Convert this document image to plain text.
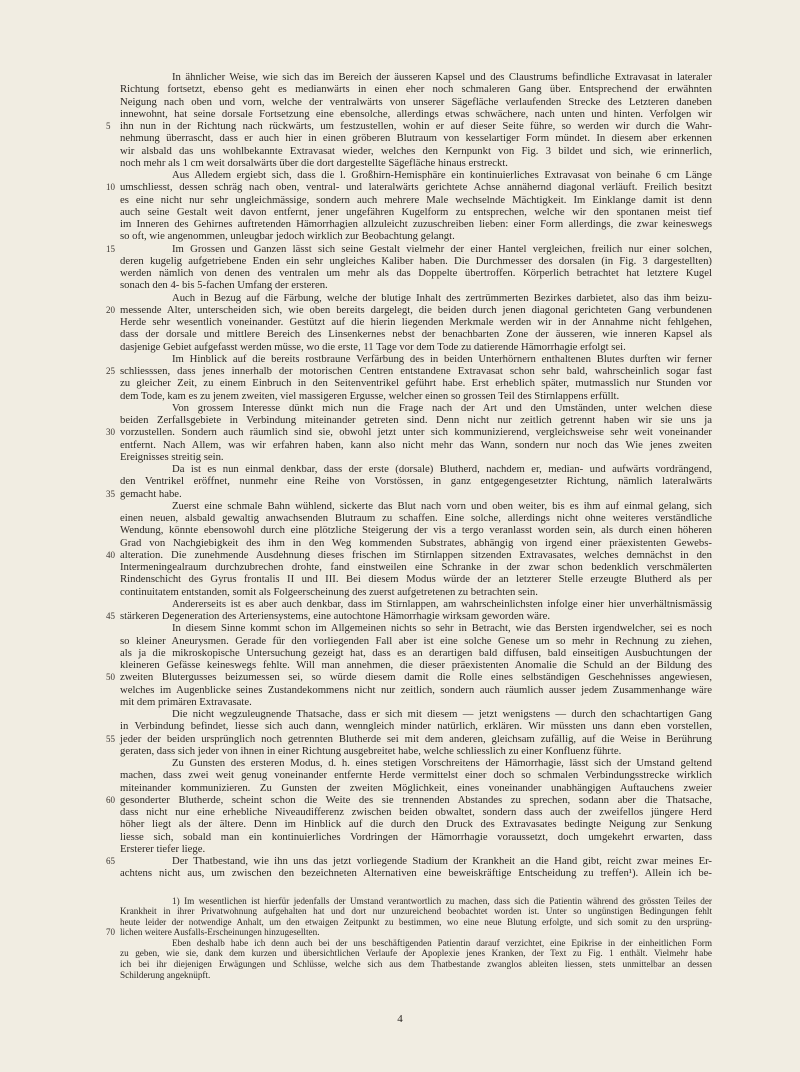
In ähnlicher Weise, wie sich das im Bereich der äusseren Kapsel und des Claustrums befindliche Extravasat in lateraler
Richtung fortsetzt, ebenso geht es medianwärts in einen eher noch schmaleren Gang über. Entsprechend der erwähnten
Neigung nach oben und vorn, welche der ventralwärts von unserer Sägefläche verlaufenden Strecke des Letzteren daneben
innewohnt, hat seine dorsale Fortsetzung eine ebensolche, allerdings etwas schwächere, nach unten und hinten. Verfolgen wir
5 ihn nun in der Richtung nach rückwärts, um festzustellen, wohin er auf dieser Seite führe, so werden wir durch die Wahr-
nehmung überrascht, dass er auch hier in einen gröberen Blutraum von kesselartiger Form mündet. In diesem aber erkennen
wir alsbald das uns wohlbekannte Extravasat wieder, welches den Kernpunkt von Fig. 3 bildet und sich, wie erinnerlich,
noch mehr als 1 cm weit dorsalwärts über die dort dargestellte Sägefläche hinaus erstreckt.
Aus Alledem ergiebt sich, dass die l. Großhirn-Hemisphäre ein kontinuierliches Extravasat von beinahe 6 cm Länge
10 umschliesst, dessen schräg nach oben, ventral- und lateralwärts gerichtete Achse annähernd diagonal verläuft. Freilich besitzt
es eine nicht nur sehr ungleichmässige, sondern auch mehrere Male wechselnde Mächtigkeit. Im Einklange damit ist denn
auch seine Gestalt weit davon entfernt, jener ungefähren Kugelform zu entsprechen, welche wir den spontanen meist tief
im Inneren des Gehirnes auftretenden Hämorrhagien allzuleicht zuzuschreiben lieben: einer Form allerdings, die zwar keineswegs
so oft, wie angenommen, unleugbar jedoch wirklich zur Beobachtung gelangt.
15	Im Grossen und Ganzen lässt sich seine Gestalt vielmehr der einer Hantel vergleichen, freilich nur einer solchen,
deren kugelig aufgetriebene Enden ein sehr ungleiches Kaliber haben. Die Durchmesser des dorsalen (in Fig. 3 dargestellten)
werden nämlich von denen des ventralen um mehr als das Doppelte übertroffen. Körperlich betrachtet hat letztere Kugel
sonach den 4- bis 5-fachen Umfang der ersteren.
Auch in Bezug auf die Färbung, welche der blutige Inhalt des zertrümmerten Bezirkes darbietet, also das ihm beizu-
20 messende Alter, unterscheiden sich, wie oben bereits dargelegt, die beiden durch jenen diagonal gerichteten Gang verbundenen
Herde sehr wesentlich voneinander. Gestützt auf die hierin liegenden Merkmale werden wir in der Annahme nicht fehlgehen,
dass der dorsale und mittlere Bereich des Linsenkernes nebst der benachbarten Zone der äusseren, wie inneren Kapsel als
dasjenige Gebiet aufgefasst werden müsse, wo die erste, 11 Tage vor dem Tode zu datierende Hämorrhagie erfolgt sei.
Im Hinblick auf die bereits rostbraune Verfärbung des in beiden Unterhörnern enthaltenen Blutes durften wir ferner
25 schliesssen, dass jenes innerhalb der motorischen Centren entstandene Extravasat schon sehr bald, wahrscheinlich sogar fast
zu gleicher Zeit, zu einem Einbruch in den Seitenventrikel geführt habe. Erst erheblich später, mutmasslich nur Stunden vor
dem Tode, kam es zu jenem zweiten, viel massigeren Ergusse, welcher einen so grossen Teil des Stirnlappens erfüllt.
Von grossem Interesse dünkt mich nun die Frage nach der Art und den Umständen, unter welchen diese
beiden Zerfallsgebiete in Verbindung miteinander getreten sind. Denn nicht nur zeitlich getrennt haben wir sie uns ja
30 vorzustellen. Sondern auch räumlich sind sie, obwohl jetzt unter sich kommunizierend, vergleichsweise sehr weit voneinander
entfernt. Nach Allem, was wir erfahren haben, kann also nicht mehr das Wann, sondern nur noch das Wie jenes zweiten
Ereignisses streitig sein.
Da ist es nun einmal denkbar, dass der erste (dorsale) Blutherd, nachdem er, median- und aufwärts vordrängend,
den Ventrikel eröffnet, nunmehr eine Reihe von Vorstössen, in ganz entgegengesetzter Richtung, nämlich lateralwärts
35 gemacht habe.
Zuerst eine schmale Bahn wühlend, sickerte das Blut nach vorn und oben weiter, bis es ihm auf einmal gelang, sich
einen neuen, alsbald gewaltig anwachsenden Blutraum zu schaffen. Eine solche, allerdings nicht ohne weiteres verständliche
Wendung, könnte ebensowohl durch eine plötzliche Steigerung der vis a tergo veranlasst worden sein, als durch einen höheren
Grad von Nachgiebigkeit des ihm in den Weg kommenden Substrates, abhängig von irgend einer präexistenten Gewebs-
40 alteration. Die zunehmende Ausdehnung dieses frischen im Stirnlappen sitzenden Extravasates, welches demnächst in den
Intermeningealraum durchzubrechen drohte, fand einstweilen eine Schranke in der zwar schon bedenklich verschmälerten
Rindenschicht des Gyrus frontalis II und III. Bei diesem Modus würde der an letzterer Stelle erzeugte Blutherd als per
continuitatem entstanden, somit als Folgeerscheinung des zuerst aufgetretenen zu betrachten sein.
Andererseits ist es aber auch denkbar, dass im Stirnlappen, am wahrscheinlichsten infolge einer hier unverhältnismässig
45 stärkeren Degeneration des Arteriensystems, eine autochtone Hämorrhagie wirksam geworden wäre.
In diesem Sinne kommt schon im Allgemeinen nichts so sehr in Betracht, wie das Bersten irgendwelcher, sei es noch
so kleiner Aneurysmen. Gerade für den vorliegenden Fall aber ist eine solche Genese um so mehr in Rechnung zu ziehen,
als ja die mikroskopische Untersuchung gezeigt hat, dass es an derartigen bald diffusen, bald einseitigen Ausbuchtungen der
kleineren Gefässe keineswegs fehlte. Will man annehmen, die dieser präexistenten Anomalie die Schuld an der Bildung des
50 zweiten Blutergusses beizumessen sei, so würde diesem damit die Rolle eines selbständigen Geschehnisses angewiesen,
welches im Augenblicke seines Zustandekommens nicht nur zeitlich, sondern auch räumlich ausser jedem Zusammenhange wäre
mit dem primären Extravasate.
Die nicht wegzuleugnende Thatsache, dass er sich mit diesem — jetzt wenigstens — durch den schachtartigen Gang
in Verbindung befindet, liesse sich auch dann, wenngleich minder natürlich, erklären. Wir müssten uns dann eben vorstellen,
55 jeder der beiden ursprünglich noch getrennten Blutherde sei mit dem anderen, gleichsam zufällig, auf die Weise in Berührung
geraten, dass sich jeder von ihnen in einer Richtung ausgebreitet habe, welche schliesslich zu einer Konfluenz führte.
Zu Gunsten des ersteren Modus, d. h. eines stetigen Vorschreitens der Hämorrhagie, lässt sich der Umstand geltend
machen, dass zwei weit genug voneinander entfernte Herde vermittelst einer doch so schmalen Verbindungsstrecke wirklich
miteinander kommunizieren. Zu Gunsten der zweiten Möglichkeit, eines voneinander unabhängigen Auftauchens zweier
60 gesonderter Blutherde, scheint schon die Weite des sie trennenden Abstandes zu sprechen, sodann aber die Thatsache,
dass nicht nur eine erhebliche Niveaudifferenz zwischen beiden obwaltet, sondern dass auch der zweifellos jüngere Herd
höher liegt als der ältere. Denn im Hinblick auf die durch den Druck des Extravasates bedingte Neigung zur Senkung
liesse sich, sobald man ein kontinuierliches Vordringen der Hämorrhagie voraussetzt, doch umgekehrt erwarten, dass
Ersterer tiefer liege.
65	Der Thatbestand, wie ihn uns das jetzt vorliegende Stadium der Krankheit an die Hand gibt, reicht zwar meines Er-
achtens nicht aus, um zwischen den bezeichneten Alternativen eine beweiskräftige Entscheidung zu treffen¹). Allein ich be-
1) Im wesentlichen ist hierfür jedenfalls der Umstand verantwortlich zu machen, dass sich die Patientin während des grössten Teiles der
Krankheit in ihrer Privatwohnung aufgehalten hat und dort nur unzureichend beobachtet worden ist. Unter so ungünstigen Bedingungen fehlt
heute leider der notwendige Anhalt, um den etwaigen Zeitpunkt zu bestimmen, wo eine neue Blutung erfolgte, und sich somit zu den ursprüng-
70 lichen weitere Ausfalls-Erscheinungen hinzugesellten.
Eben deshalb habe ich denn auch bei der uns beschäftigenden Patientin darauf verzichtet, eine Epikrise in der einheitlichen Form
zu geben, wie sie, dank dem kurzen und übersichtlichen Verlaufe der Apoplexie jenes Kranken, der Text zu Fig. 1 enthält. Vielmehr habe
ich bei ihr diejenigen Erwägungen und Schlüsse, welche sich aus dem Thatbestande zwanglos ableiten liessen, stets unmittelbar an dessen
Schilderung angeknüpft.
4
